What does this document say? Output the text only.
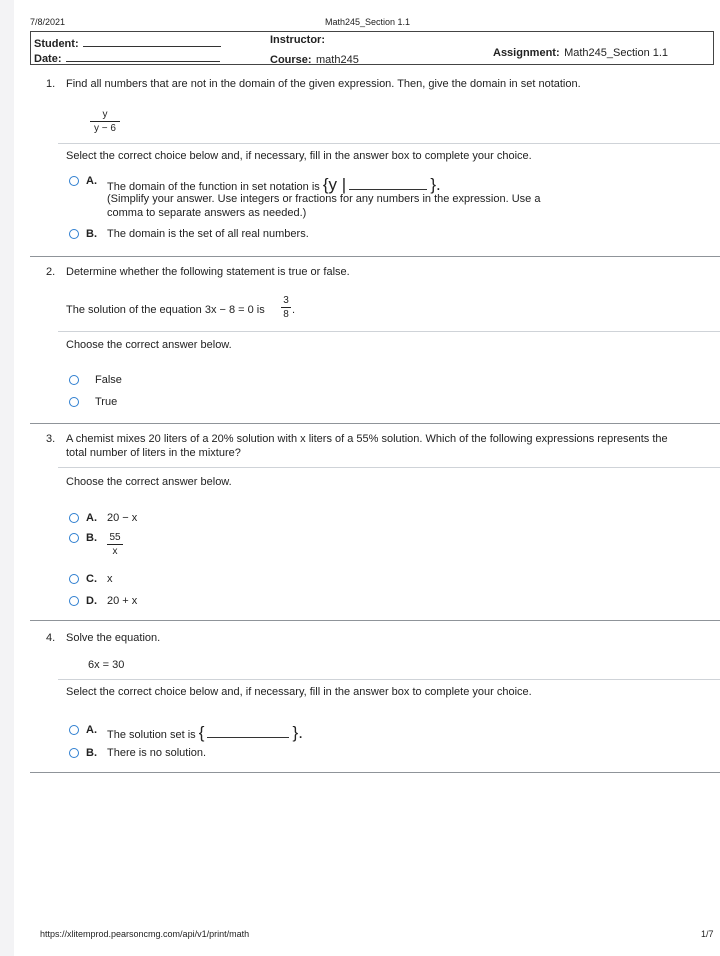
7/8/2021	Math245_Section 1.1
Student:
Date:
Instructor:
Course: math245
Assignment: Math245_Section 1.1
1. Find all numbers that are not in the domain of the given expression. Then, give the domain in set notation.
y
y − 6
Select the correct choice below and, if necessary, fill in the answer box to complete your choice.
A. The domain of the function in set notation is {y |	}.
(Simplify your answer. Use integers or fractions for any numbers in the expression. Use a
comma to separate answers as needed.)
B. The domain is the set of all real numbers.
2. Determine whether the following statement is true or false.
The solution of the equation 3x − 8 = 0 is
3
8 .
Choose the correct answer below.
False
True
3. A chemist mixes 20 liters of a 20% solution with x liters of a 55% solution. Which of the following expressions represents the
total number of liters in the mixture?
Choose the correct answer below.
A. 20 − x
B. 55
x
C. x
D. 20 + x
4. Solve the equation.
6x = 30
Select the correct choice below and, if necessary, fill in the answer box to complete your choice.
A. The solution set is {	}.
B. There is no solution.
https://xlitemprod.pearsoncmg.com/api/v1/print/math	1/7
